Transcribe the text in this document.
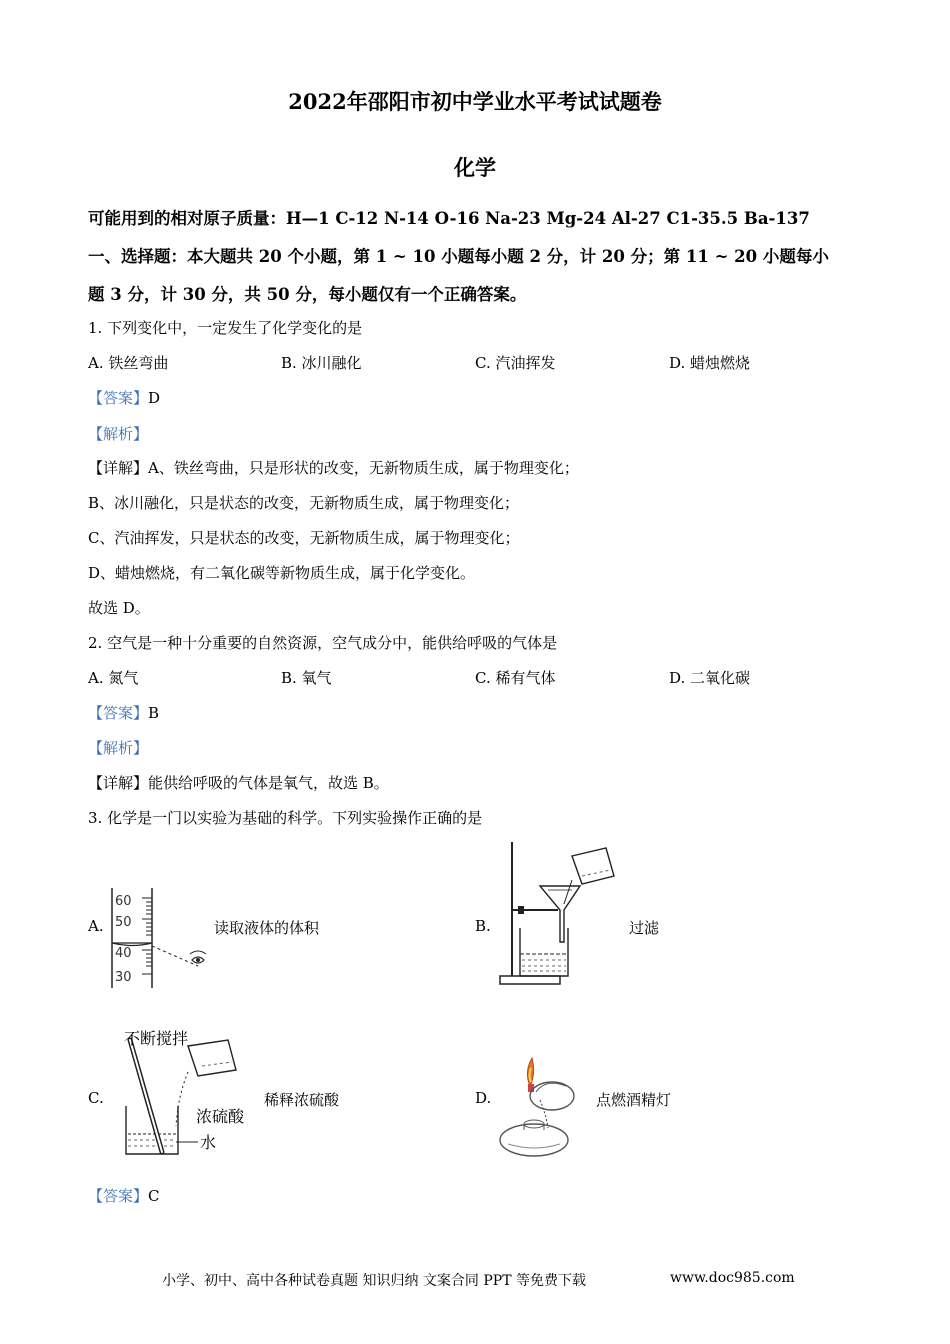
2022年邵阳市初中学业水平考试试题卷
化学
可能用到的相对原子质量：H—1 C-12 N-14 O-16 Na-23 Mg-24 Al-27 C1-35.5 Ba-137
一、选择题：本大题共 20 个小题，第 1 ~ 10 小题每小题 2 分，计 20 分；第 11 ~ 20 小题每小
题 3 分，计 30 分，共 50 分，每小题仅有一个正确答案。
1. 下列变化中，一定发生了化学变化的是
A. 铁丝弯曲	B. 冰川融化	C. 汽油挥发	D. 蜡烛燃烧
【答案】D
【解析】
【详解】A、铁丝弯曲，只是形状的改变，无新物质生成，属于物理变化；
B、冰川融化，只是状态的改变，无新物质生成，属于物理变化；
C、汽油挥发，只是状态的改变，无新物质生成，属于物理变化；
D、蜡烛燃烧，有二氧化碳等新物质生成，属于化学变化。
故选 D。
2. 空气是一种十分重要的自然资源，空气成分中，能供给呼吸的气体是
A. 氮气	B. 氧气	C. 稀有气体	D. 二氧化碳
【答案】B
【解析】
【详解】能供给呼吸的气体是氧气，故选 B。
3. 化学是一门以实验为基础的科学。下列实验操作正确的是
A.
60
50
40
30
读取液体的体积	B.	过滤
C.
不断搅拌
浓硫酸
水
稀释浓硫酸	D.	点燃酒精灯
【答案】C
小学、初中、高中各种试卷真题 知识归纳 文案合同 PPT 等免费下载	www.doc985.com
